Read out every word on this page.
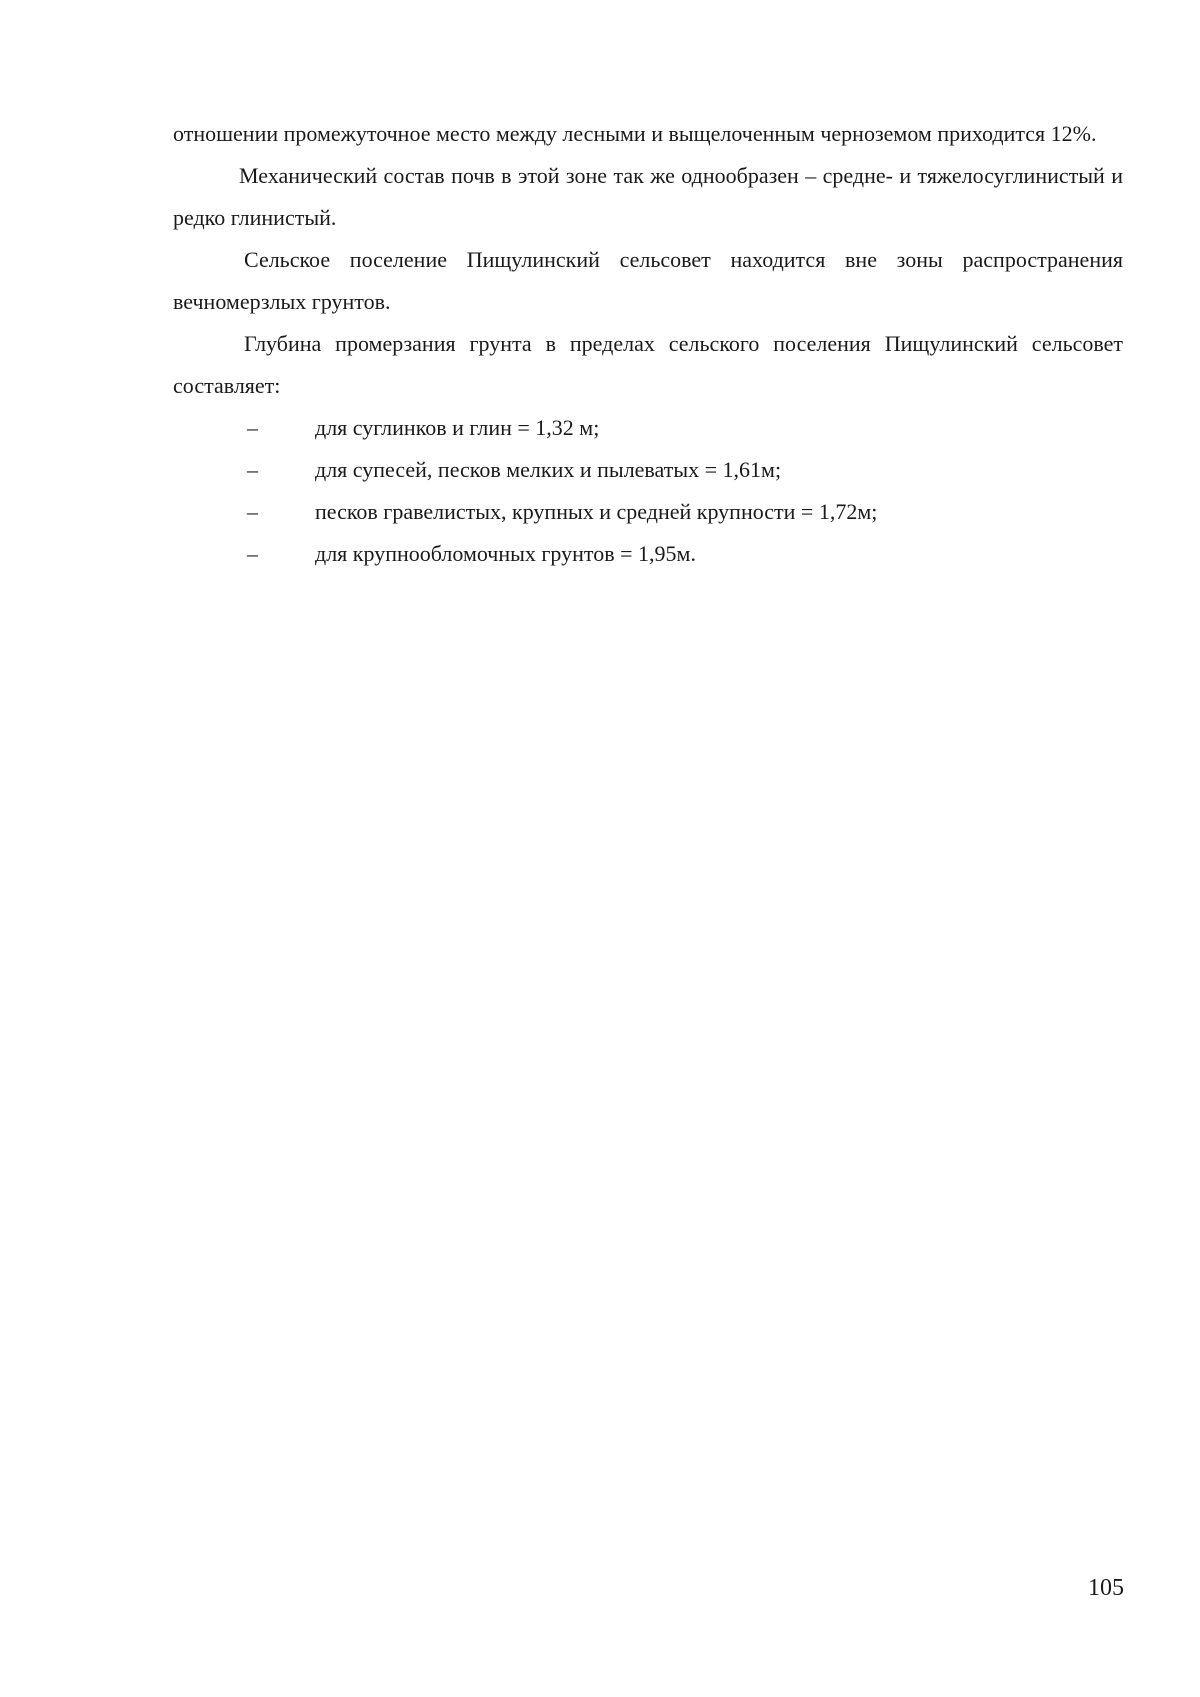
отношении промежуточное место между лесными и выщелоченным черноземом приходится 12%.

Механический состав почв в этой зоне так же однообразен – средне- и тяжелосуглинистый и редко глинистый.

Сельское поселение Пищулинский сельсовет находится вне зоны распространения вечномерзлых грунтов.

Глубина промерзания грунта в пределах сельского поселения Пищулинский сельсовет составляет:

–	для суглинков и глин = 1,32 м;
–	для супесей, песков мелких и пылеватых = 1,61м;
–	песков гравелистых, крупных и средней крупности = 1,72м;
–	для крупнообломочных грунтов = 1,95м.
105
